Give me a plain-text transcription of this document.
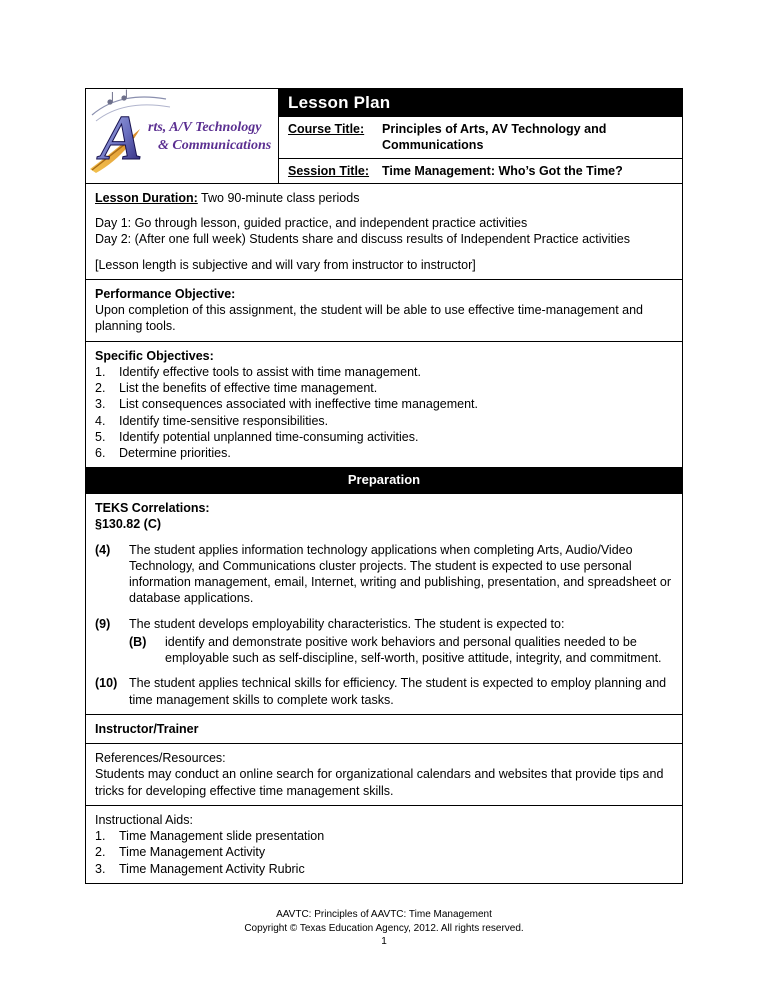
A rts, A/V Technology
& Communications
Lesson Plan
Course Title:	Principles of Arts, AV Technology and Communications
Session Title:	Time Management: Who’s Got the Time?
Lesson Duration: Two 90-minute class periods
Day 1: Go through lesson, guided practice, and independent practice activities
Day 2: (After one full week) Students share and discuss results of Independent Practice activities
[Lesson length is subjective and will vary from instructor to instructor]
Performance Objective:
Upon completion of this assignment, the student will be able to use effective time-management and planning tools.
Specific Objectives:
1.	Identify effective tools to assist with time management.
2.	List the benefits of effective time management.
3.	List consequences associated with ineffective time management.
4.	Identify time-sensitive responsibilities.
5.	Identify potential unplanned time-consuming activities.
6.	Determine priorities.
Preparation
TEKS Correlations:
§130.82 (C)
(4)	The student applies information technology applications when completing Arts, Audio/Video Technology, and Communications cluster projects. The student is expected to use personal information management, email, Internet, writing and publishing, presentation, and spreadsheet or database applications.
(9)	The student develops employability characteristics. The student is expected to:
(B)	identify and demonstrate positive work behaviors and personal qualities needed to be employable such as self-discipline, self-worth, positive attitude, integrity, and commitment.
(10) The student applies technical skills for efficiency. The student is expected to employ planning and time management skills to complete work tasks.
Instructor/Trainer
References/Resources:
Students may conduct an online search for organizational calendars and websites that provide tips and tricks for developing effective time management skills.
Instructional Aids:
1.	Time Management slide presentation
2.	Time Management Activity
3.	Time Management Activity Rubric
AAVTC: Principles of AAVTC: Time Management
Copyright © Texas Education Agency, 2012. All rights reserved.
1
